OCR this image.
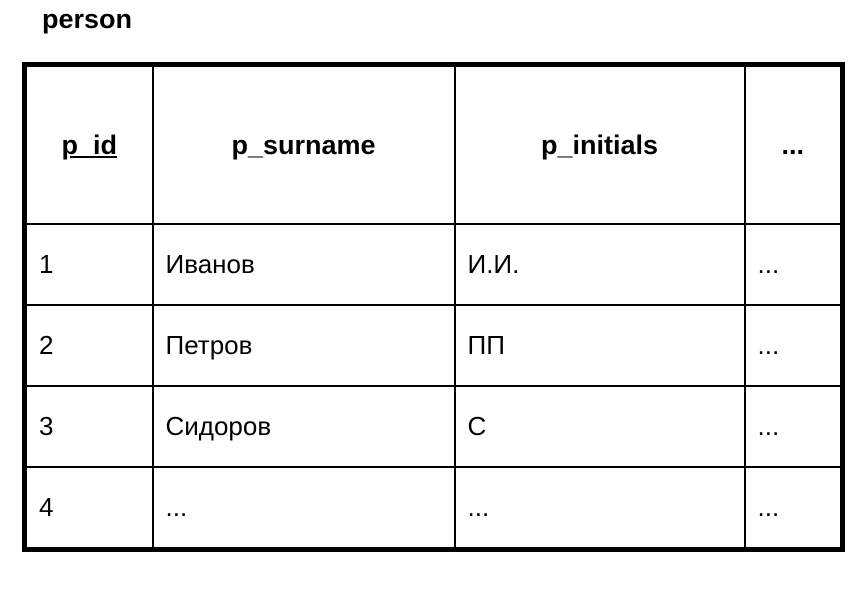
person
p_id	p_surname	p_initials	...
1	Иванов	И.И.	...
2	Петров	ПП	...
3	Сидоров	С	...
4	...	...	...
